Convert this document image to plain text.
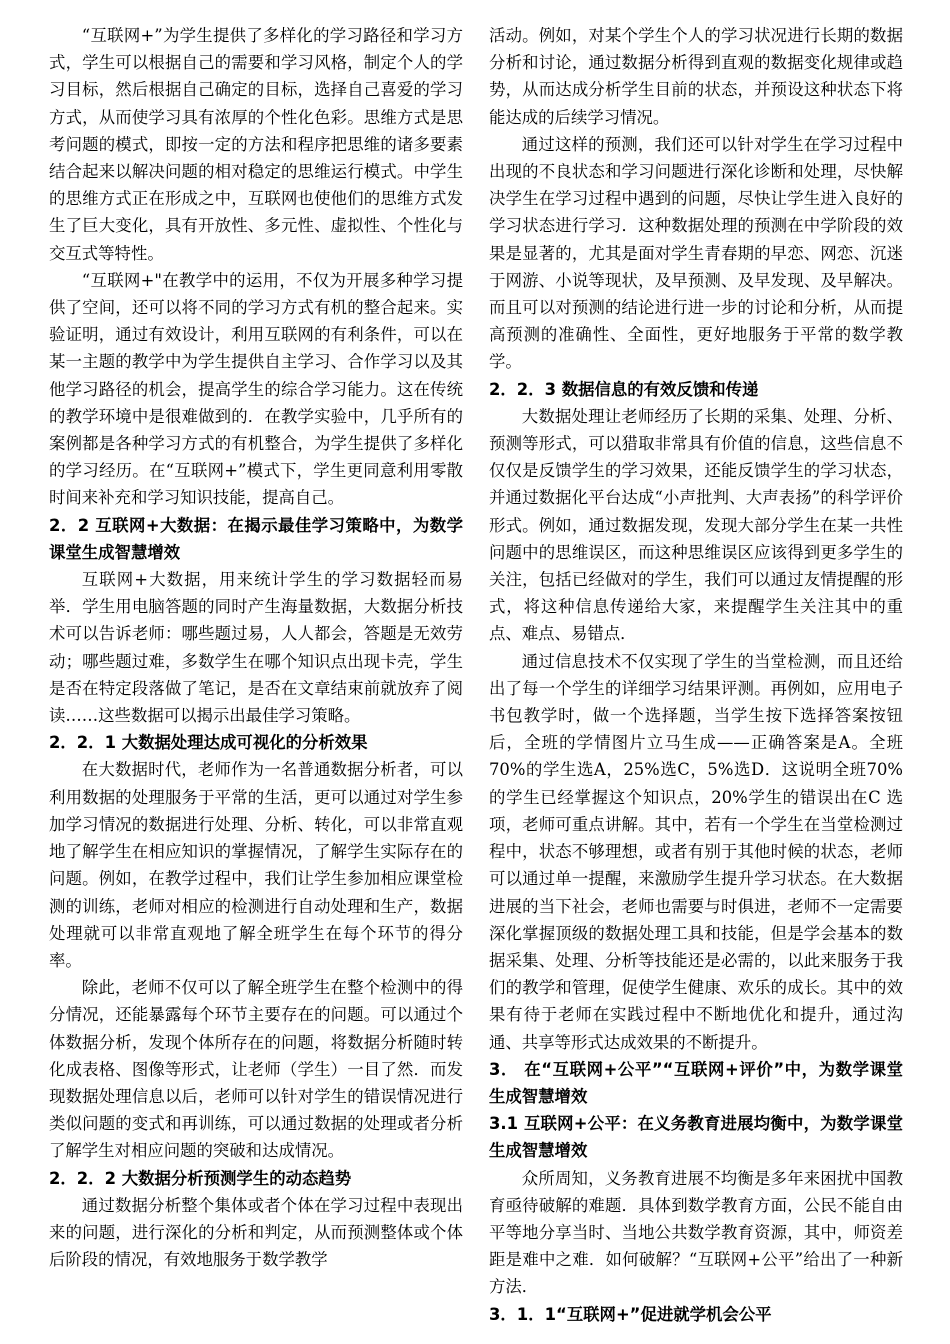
“互联网+”为学生提供了多样化的学习路径和学习方式，学生可以根据自己的需要和学习风格，制定个人的学习目标，然后根据自己确定的目标，选择自己喜爱的学习方式，从而使学习具有浓厚的个性化色彩。思维方式是思考问题的模式，即按一定的方法和程序把思维的诸多要素结合起来以解决问题的相对稳定的思维运行模式。中学生的思维方式正在形成之中，互联网也使他们的思维方式发生了巨大变化，具有开放性、多元性、虚拟性、个性化与交互式等特性。

“互联网+"在教学中的运用，不仅为开展多种学习提供了空间，还可以将不同的学习方式有机的整合起来。实验证明，通过有效设计，利用互联网的有利条件，可以在某一主题的教学中为学生提供自主学习、合作学习以及其他学习路径的机会，提高学生的综合学习能力。这在传统的教学环境中是很难做到的．在教学实验中，几乎所有的案例都是各种学习方式的有机整合，为学生提供了多样化的学习经历。在“互联网+”模式下，学生更同意利用零散时间来补充和学习知识技能，提高自己。

2．2 互联网+大数据：在揭示最佳学习策略中，为数学课堂生成智慧增效

互联网+大数据，用来统计学生的学习数据轻而易举．学生用电脑答题的同时产生海量数据，大数据分析技术可以告诉老师：哪些题过易，人人都会，答题是无效劳动；哪些题过难，多数学生在哪个知识点出现卡壳，学生是否在特定段落做了笔记，是否在文章结束前就放弃了阅读……这些数据可以揭示出最佳学习策略。

2．2．1 大数据处理达成可视化的分析效果

在大数据时代，老师作为一名普通数据分析者，可以利用数据的处理服务于平常的生活，更可以通过对学生参加学习情况的数据进行处理、分析、转化，可以非常直观地了解学生在相应知识的掌握情况，了解学生实际存在的问题。例如，在教学过程中，我们让学生参加相应课堂检测的训练，老师对相应的检测进行自动处理和生产，数据处理就可以非常直观地了解全班学生在每个环节的得分率。

除此，老师不仅可以了解全班学生在整个检测中的得分情况，还能暴露每个环节主要存在的问题。可以通过个体数据分析，发现个体所存在的问题，将数据分析随时转化成表格、图像等形式，让老师（学生）一目了然．而发现数据处理信息以后，老师可以针对学生的错误情况进行类似问题的变式和再训练，可以通过数据的处理或者分析了解学生对相应问题的突破和达成情况。

2．2．2 大数据分析预测学生的动态趋势

通过数据分析整个集体或者个体在学习过程中表现出来的问题，进行深化的分析和判定，从而预测整体或个体后阶段的情况，有效地服务于数学教学

活动。例如，对某个学生个人的学习状况进行长期的数据分析和讨论，通过数据分析得到直观的数据变化规律或趋势，从而达成分析学生目前的状态，并预设这种状态下将能达成的后续学习情况。

通过这样的预测，我们还可以针对学生在学习过程中出现的不良状态和学习问题进行深化诊断和处理，尽快解决学生在学习过程中遇到的问题，尽快让学生进入良好的学习状态进行学习．这种数据处理的预测在中学阶段的效果是显著的，尤其是面对学生青春期的早恋、网恋、沉迷于网游、小说等现状，及早预测、及早发现、及早解决。而且可以对预测的结论进行进一步的讨论和分析，从而提高预测的准确性、全面性，更好地服务于平常的数学教学。

2．2．3 数据信息的有效反馈和传递

大数据处理让老师经历了长期的采集、处理、分析、预测等形式，可以猎取非常具有价值的信息，这些信息不仅仅是反馈学生的学习效果，还能反馈学生的学习状态，并通过数据化平台达成“小声批判、大声表扬”的科学评价形式。例如，通过数据发现，发现大部分学生在某一共性问题中的思维误区，而这种思维误区应该得到更多学生的关注，包括已经做对的学生，我们可以通过友情提醒的形式，将这种信息传递给大家，来提醒学生关注其中的重点、难点、易错点．

通过信息技术不仅实现了学生的当堂检测，而且还给出了每一个学生的详细学习结果评测。再例如，应用电子书包教学时，做一个选择题，当学生按下选择答案按钮后，全班的学情图片立马生成——正确答案是A。全班70%的学生选A，25%选C，5%选D．这说明全班70%的学生已经掌握这个知识点，20%学生的错误出在C 选项，老师可重点讲解。其中，若有一个学生在当堂检测过程中，状态不够理想，或者有别于其他时候的状态，老师可以通过单一提醒，来激励学生提升学习状态。在大数据进展的当下社会，老师也需要与时俱进，老师不一定需要深化掌握顶级的数据处理工具和技能，但是学会基本的数据采集、处理、分析等技能还是必需的，以此来服务于我们的教学和管理，促使学生健康、欢乐的成长。其中的效果有待于老师在实践过程中不断地优化和提升，通过沟通、共享等形式达成效果的不断提升。

3． 在“互联网+公平”“互联网+评价”中，为数学课堂生成智慧增效
3.1 互联网+公平：在义务教育进展均衡中，为数学课堂生成智慧增效

众所周知，义务教育进展不均衡是多年来困扰中国教育亟待破解的难题．具体到数学教育方面，公民不能自由平等地分享当时、当地公共数学教育资源，其中，师资差距是难中之难．如何破解？“互联网+公平”给出了一种新方法．

3．1．1“互联网+”促进就学机会公平
